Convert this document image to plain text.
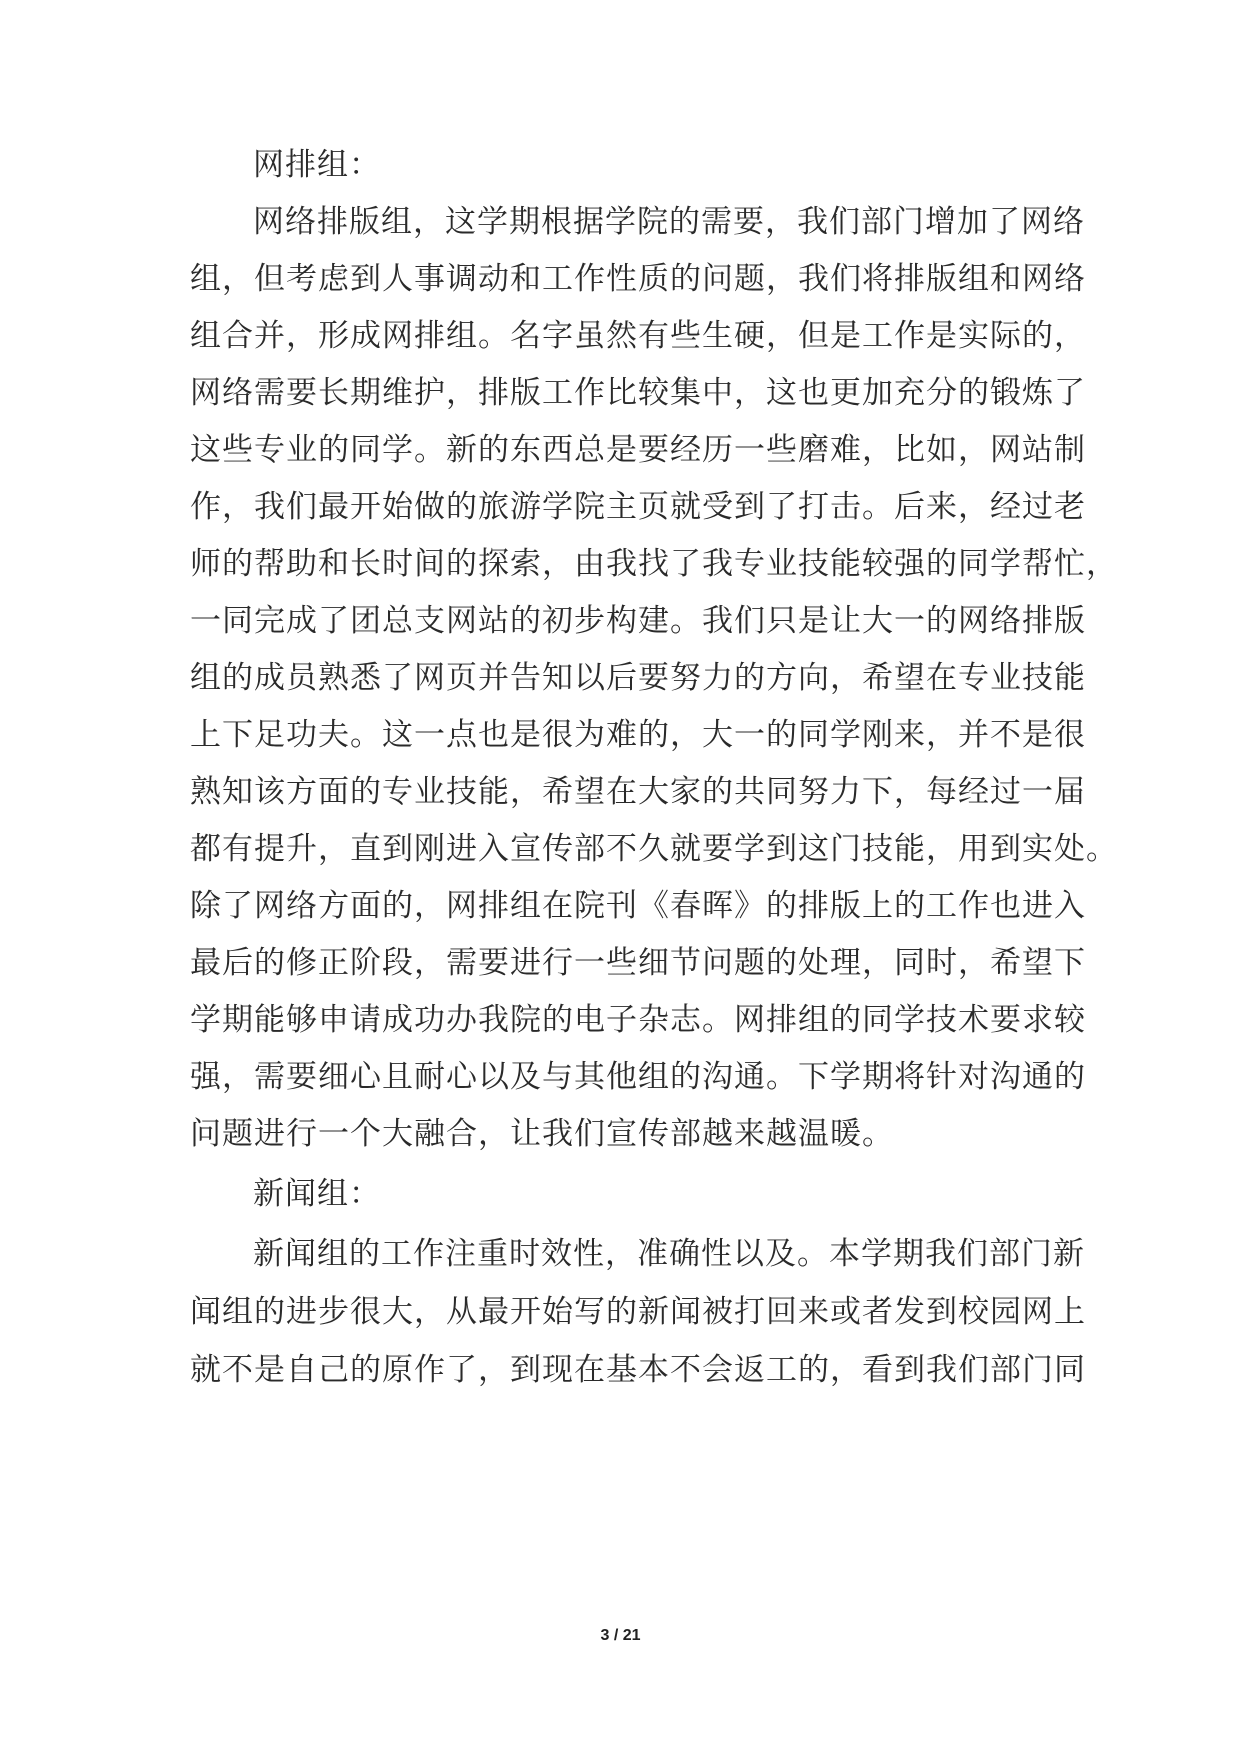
网排组：
网络排版组，这学期根据学院的需要，我们部门增加了网络
组，但考虑到人事调动和工作性质的问题，我们将排版组和网络
组合并，形成网排组。名字虽然有些生硬，但是工作是实际的，
网络需要长期维护，排版工作比较集中，这也更加充分的锻炼了
这些专业的同学。新的东西总是要经历一些磨难，比如，网站制
作，我们最开始做的旅游学院主页就受到了打击。后来，经过老
师的帮助和长时间的探索，由我找了我专业技能较强的同学帮忙，
一同完成了团总支网站的初步构建。我们只是让大一的网络排版
组的成员熟悉了网页并告知以后要努力的方向，希望在专业技能
上下足功夫。这一点也是很为难的，大一的同学刚来，并不是很
熟知该方面的专业技能，希望在大家的共同努力下，每经过一届
都有提升，直到刚进入宣传部不久就要学到这门技能，用到实处。
除了网络方面的，网排组在院刊《春晖》的排版上的工作也进入
最后的修正阶段，需要进行一些细节问题的处理，同时，希望下
学期能够申请成功办我院的电子杂志。网排组的同学技术要求较
强，需要细心且耐心以及与其他组的沟通。下学期将针对沟通的
问题进行一个大融合，让我们宣传部越来越温暖。
新闻组：
新闻组的工作注重时效性，准确性以及。本学期我们部门新
闻组的进步很大，从最开始写的新闻被打回来或者发到校园网上
就不是自己的原作了，到现在基本不会返工的，看到我们部门同
3 / 21
